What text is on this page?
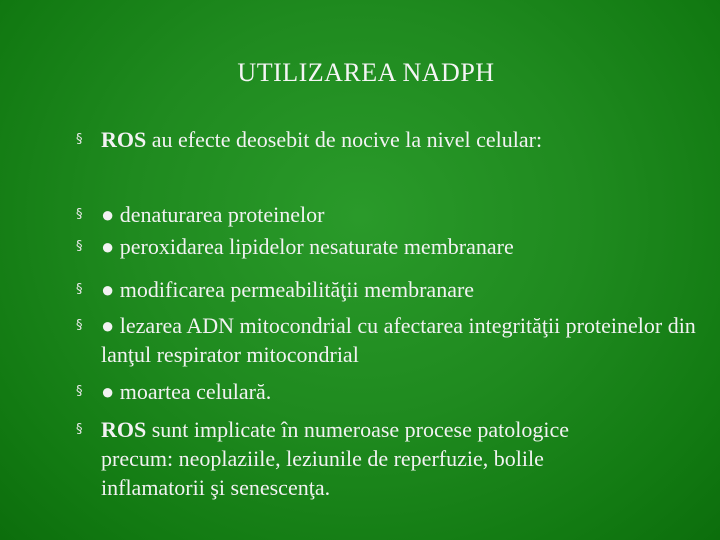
UTILIZAREA NADPH
§ ROS au efecte deosebit de nocive la nivel celular:
§ ● denaturarea proteinelor
§ ● peroxidarea lipidelor nesaturate membranare
§ ● modificarea permeabilităţii membranare
§ ● lezarea ADN mitocondrial cu afectarea integrităţii proteinelor din lanţul respirator mitocondrial
§ ● moartea celulară.
§ ROS sunt implicate în numeroase procese patologice precum: neoplaziile, leziunile de reperfuzie, bolile inflamatorii şi senescenţa.
